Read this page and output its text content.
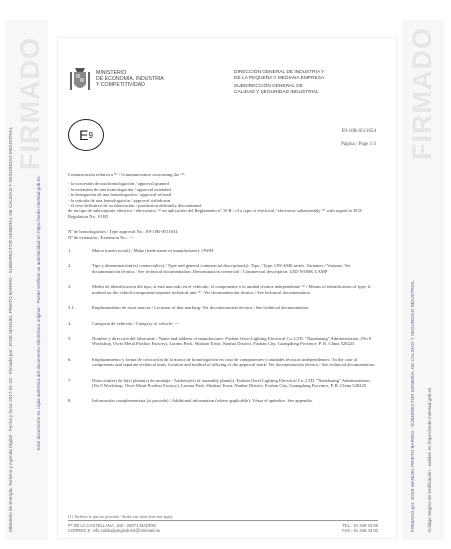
FIRMADO
Ministerio de Energía, Turismo y Agenda Digital - Fecha y hora: 2017-01-10 - Firmado por: JOSE MANUEL PRIETO BARRIO - SUBDIRECTOR GENERAL DE CALIDAD Y SEGURIDAD INDUSTRIAL	Este documento es copia auténtica del documento electrónico original - Puede verificar su autenticidad en https://sede.minetad.gob.es
FIRMADO
FIRMADO por: JOSE MANUEL PRIETO BARRIO - SUBDIRECTOR GENERAL DE CALIDAD Y SEGURIDAD INDUSTRIAL	Código Seguro de Verificación - validez en https://sede.minetad.gob.es
MINISTERIO
DE ECONOMÍA, INDUSTRIA
Y COMPETITIVIDAD
DIRECCIÓN GENERAL DE INDUSTRIA Y
DE LA PEQUEÑA Y MEDIANA EMPRESA
SUBDIRECCIÓN GENERAL DE
CALIDAD Y SEGURIDAD INDUSTRIAL
E 9	E9-10R-0511654
Página / Page 1/3

Comunicación relativa a ⁽¹⁾ / Communication concerning the ⁽¹⁾:

- la concesión de una homologación / approval granted

- la extensión de una homologación / approval extended

- la denegación de una homologación / approval refused

- la retirada de una homologación / approval withdrawn

- el cese definitivo de su fabricación / production definitely discontinued

de un tipo de subconjunto eléctrico / electrónico ⁽¹⁾ en aplicación del Reglamento nº 10 R / of a type of electrical / electronic subassembly ⁽¹⁾ with regard to ECE Regulation No. 10 R5

Nº de homologación / Type approval No.: E9-10R-0511654

Nº de extensión / Extension No.: ---

1.	Marca (razón social) / Make (trade name of manufacturer): OWEI
2.	Tipo y denominación(es) comercial(es) / Type and general commercial description(s): Tipo / Type: OW-4040 series. Variantes / Variants: Ver documentación técnica / See technical documentation. Denominación comercial / Commercial description: LED WORK LAMP
3.	Medio de identificación del tipo, si está marcado en el vehículo, el componente o la unidad técnica independiente ⁽¹⁾ / Means of identification of type, if marked on the vehicle/component/separate technical unit ⁽¹⁾: Ver documentación técnica / See technical documentation
3.1.	Emplazamiento de estas marcas / Location of that marking: Ver documentación técnica / See technical documentation
4.	Categoría de vehículo / Category of vehicle: ---
5.	Nombre y dirección del fabricante / Name and address of manufacturer: Foshan Owei Lighting Electrical Co.,LTD. "Nanzhuang" Administration, (No.9 Workshop, Owei Metal Product Factory), Luomu Park, Shishan Town, Nanhai District, Foshan City, Guangdong Province, P. R. China 528225
6.	Emplazamiento y forma de colocación de la marca de homologación en caso de componentes y unidades técnicas independientes / In the case of components and separate technical units, location and method of affixing of the approval mark: Ver documentación técnica / See technical documentation
7.	Dirección(es) de la(s) planta(s) de montaje / Address(es) of assembly plant(s): Foshan Owei Lighting Electrical Co.,LTD. "Nanzhuang" Administration, (No.9 Workshop, Owei Metal Product Factory), Luomu Park, Shishan Town, Nanhai District, Foshan City, Guangdong Province, P. R. China 528225
8.	Información complementaria (si procede) / Additional information (where applicable): Véase el apéndice. See appendix.
(1) Táchese lo que no proceda / Strike out what does not apply
Pº DE LA CASTELLANA, 160 - 28071 MADRID	TEL.: 91 349 43 66
CORREO E: info.calidadysegindustr@minetad.es	FAX.: 91 349 43 00
